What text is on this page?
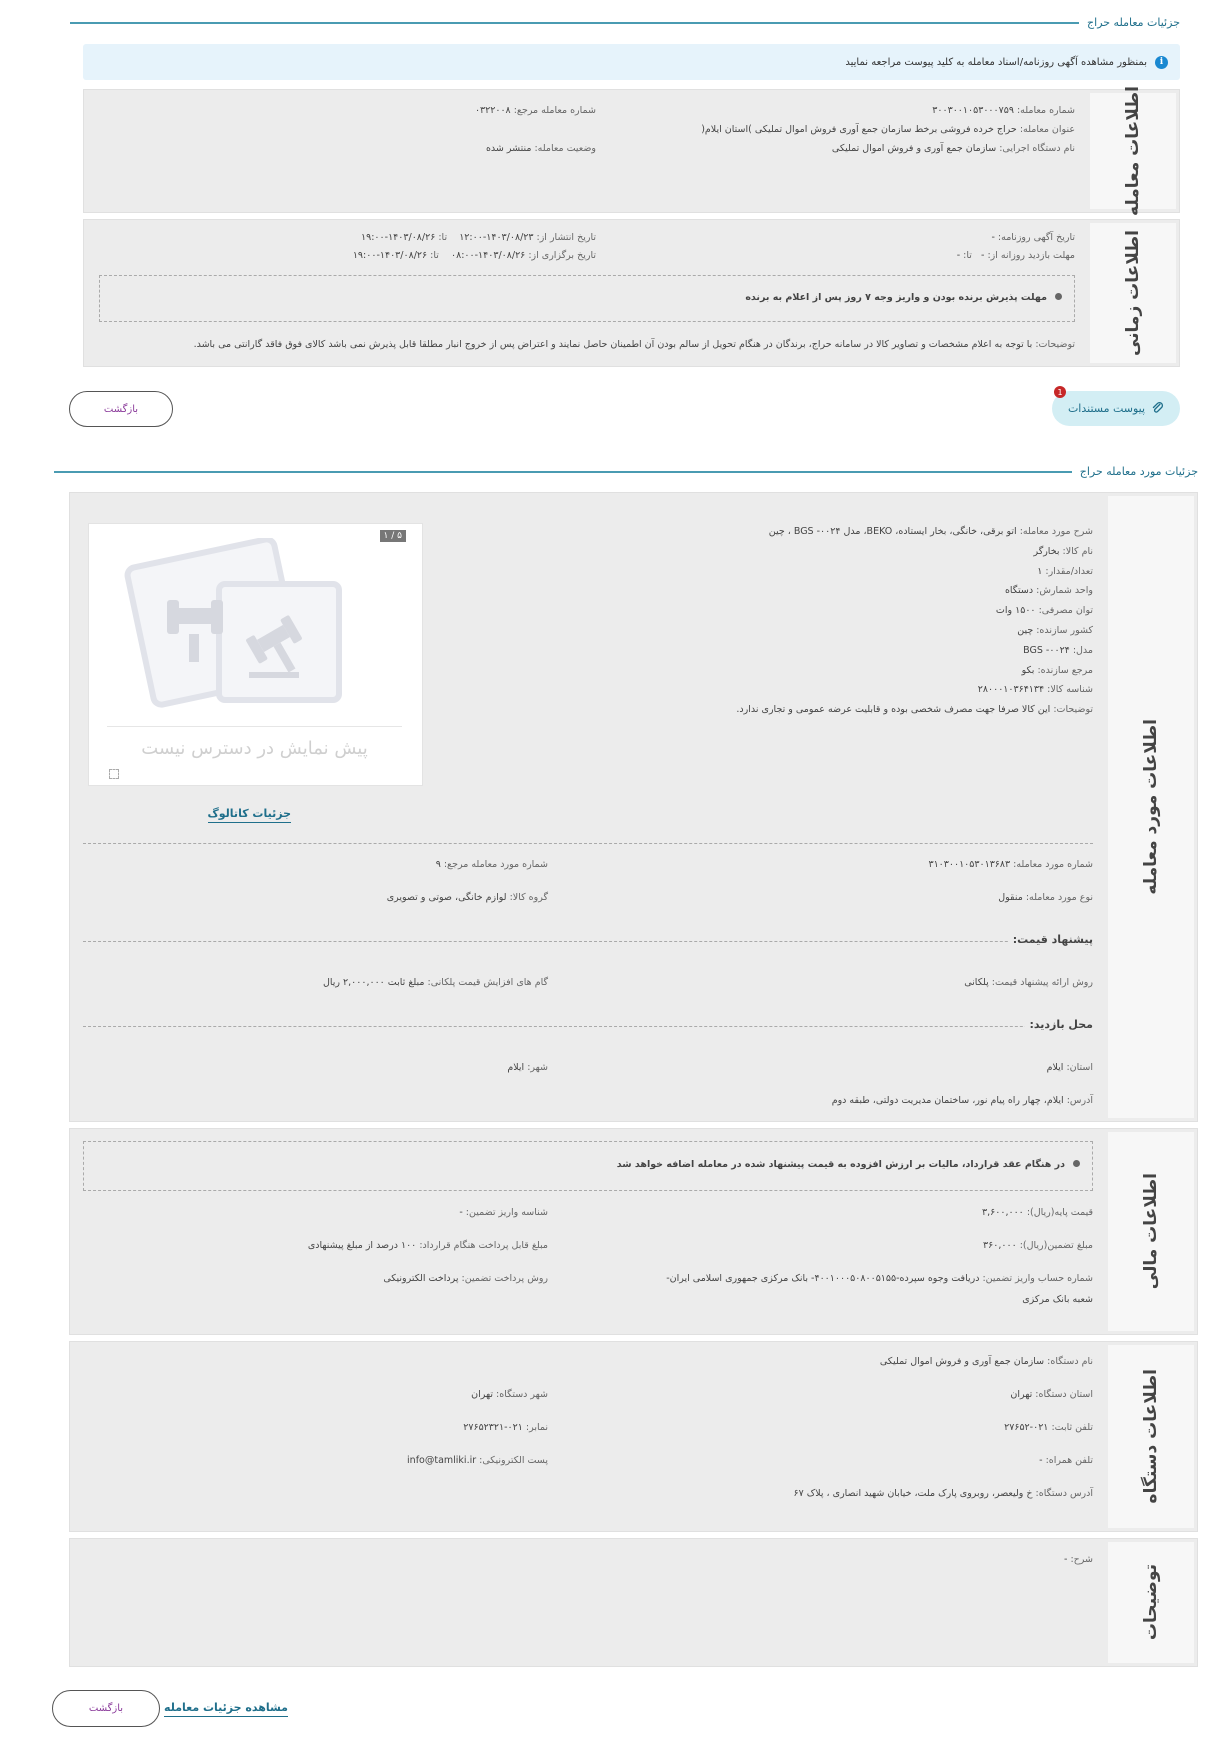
جزئیات معامله حراج
i
بمنظور مشاهده آگهی روزنامه/اسناد معامله به کلید پیوست مراجعه نمایید
اطلاعات معامله
شماره معامله: ۳۰۰۳۰۰۱۰۵۳۰۰۰۷۵۹
شماره معامله مرجع: ۰۳۲۲۰۰۸
عنوان معامله: حراج خرده فروشی برخط سازمان جمع آوری فروش اموال تملیکی )استان ایلام(
نام دستگاه اجرایی: سازمان جمع آوری و فروش اموال تملیکی
وضعیت معامله: منتشر شده
اطلاعات زمانی
تاریخ آگهی روزنامه: -
تاریخ انتشار از: ۱۴۰۳/۰۸/۲۳-۱۲:۰۰    تا: ۱۴۰۳/۰۸/۲۶-۱۹:۰۰
مهلت بازدید روزانه از: -   تا: -
تاریخ برگزاری از: ۱۴۰۳/۰۸/۲۶-۰۸:۰۰    تا: ۱۴۰۳/۰۸/۲۶-۱۹:۰۰
مهلت پذیرش برنده بودن و واریز وجه ۷ روز پس از اعلام به برنده
توضیحات: با توجه به اعلام مشخصات و تصاویر کالا در سامانه حراج، برندگان در هنگام تحویل از سالم بودن آن اطمینان حاصل نمایند و اعتراض پس از خروج انبار مطلقا قابل پذیرش نمی باشد کالای فوق فاقد گارانتی می باشد.
پیوست مستندات
1
بازگشت
جزئیات مورد معامله حراج
اطلاعات مورد معامله
شرح مورد معامله: اتو برقی، خانگی، بخار ایستاده، BEKO، مدل BGS -۰۰۲۴ ، چین
نام کالا: بخارگر
تعداد/مقدار: ۱
واحد شمارش: دستگاه
توان مصرفی: ۱۵۰۰ وات
کشور سازنده: چین
مدل: BGS -۰۰۲۴
مرجع سازنده: بکو
شناسه کالا: ۲۸۰۰۰۱۰۳۶۴۱۳۴
توضیحات: این کالا صرفا جهت مصرف شخصی بوده و قابلیت عرضه عمومی و تجاری ندارد.
۵ / ۱
پیش نمایش در دسترس نیست
جزئیات کاتالوگ
شماره مورد معامله: ۳۱۰۳۰۰۱۰۵۳۰۱۳۶۸۳
شماره مورد معامله مرجع: ۹
نوع مورد معامله: منقول
گروه کالا: لوازم خانگی، صوتی و تصویری
پیشنهاد قیمت:
روش ارائه پیشنهاد قیمت: پلکانی
گام های افزایش قیمت پلکانی: مبلغ ثابت ۲,۰۰۰,۰۰۰ ریال
محل بازدید:
استان: ایلام
شهر: ایلام
آدرس: ایلام، چهار راه پیام نور، ساختمان مدیریت دولتی، طبقه دوم
اطلاعات مالی
در هنگام عقد قرارداد، مالیات بر ارزش افزوده به قیمت پیشنهاد شده در معامله اضافه خواهد شد
قیمت پایه(ریال): ۳,۶۰۰,۰۰۰
شناسه واریز تضمین: -
مبلغ تضمین(ریال): ۳۶۰,۰۰۰
مبلغ قابل پرداخت هنگام قرارداد: ۱۰۰ درصد از مبلغ پیشنهادی
شماره حساب واریز تضمین: دریافت وجوه سپرده-۴۰۰۱۰۰۰۵۰۸۰۰۵۱۵۵- بانک مرکزی جمهوری اسلامی ایران-
شعبه بانک مرکزی
روش پرداخت تضمین: پرداخت الکترونیکی
اطلاعات دستگاه
نام دستگاه: سازمان جمع آوری و فروش اموال تملیکی
استان دستگاه: تهران
شهر دستگاه: تهران
تلفن ثابت: ۰۲۱-۲۷۶۵۲
نمابر: ۰۲۱-۲۷۶۵۲۳۲۱
تلفن همراه: -
پست الکترونیکی: info@tamliki.ir
آدرس دستگاه: خ ولیعصر، روبروی پارک ملت، خیابان شهید انصاری ، پلاک ۶۷
توضیحات
شرح: -
مشاهده جزئیات معامله
بازگشت
